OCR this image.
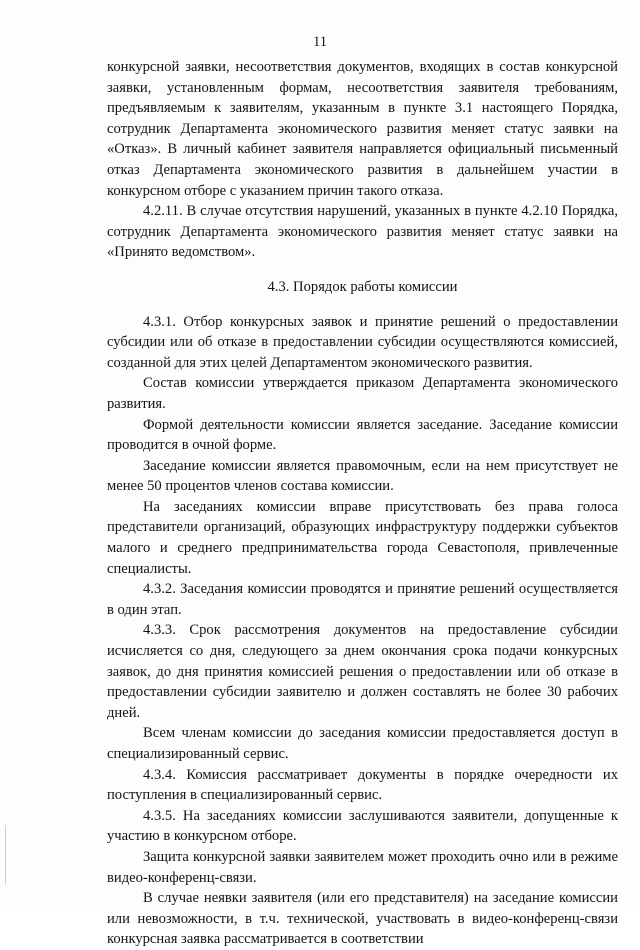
11

конкурсной заявки, несоответствия документов, входящих в состав конкурсной заявки, установленным формам, несоответствия заявителя требованиям, предъявляемым к заявителям, указанным в пункте 3.1 настоящего Порядка, сотрудник Департамента экономического развития меняет статус заявки на «Отказ». В личный кабинет заявителя направляется официальный письменный отказ Департамента экономического развития в дальнейшем участии в конкурсном отборе с указанием причин такого отказа.

4.2.11. В случае отсутствия нарушений, указанных в пункте 4.2.10 Порядка, сотрудник Департамента экономического развития меняет статус заявки на «Принято ведомством».

4.3. Порядок работы комиссии

4.3.1. Отбор конкурсных заявок и принятие решений о предоставлении субсидии или об отказе в предоставлении субсидии осуществляются комиссией, созданной для этих целей Департаментом экономического развития.

Состав комиссии утверждается приказом Департамента экономического развития.

Формой деятельности комиссии является заседание. Заседание комиссии проводится в очной форме.

Заседание комиссии является правомочным, если на нем присутствует не менее 50 процентов членов состава комиссии.

На заседаниях комиссии вправе присутствовать без права голоса представители организаций, образующих инфраструктуру поддержки субъектов малого и среднего предпринимательства города Севастополя, привлеченные специалисты.

4.3.2. Заседания комиссии проводятся и принятие решений осуществляется в один этап.

4.3.3. Срок рассмотрения документов на предоставление субсидии исчисляется со дня, следующего за днем окончания срока подачи конкурсных заявок, до дня принятия комиссией решения о предоставлении или об отказе в предоставлении субсидии заявителю и должен составлять не более 30 рабочих дней.

Всем членам комиссии до заседания комиссии предоставляется доступ в специализированный сервис.

4.3.4. Комиссия рассматривает документы в порядке очередности их поступления в специализированный сервис.

4.3.5. На заседаниях комиссии заслушиваются заявители, допущенные к участию в конкурсном отборе.

Защита конкурсной заявки заявителем может проходить очно или в режиме видео-конференц-связи.

В случае неявки заявителя (или его представителя) на заседание комиссии или невозможности, в т.ч. технической, участвовать в видео-конференц-связи конкурсная заявка рассматривается в соответствии
